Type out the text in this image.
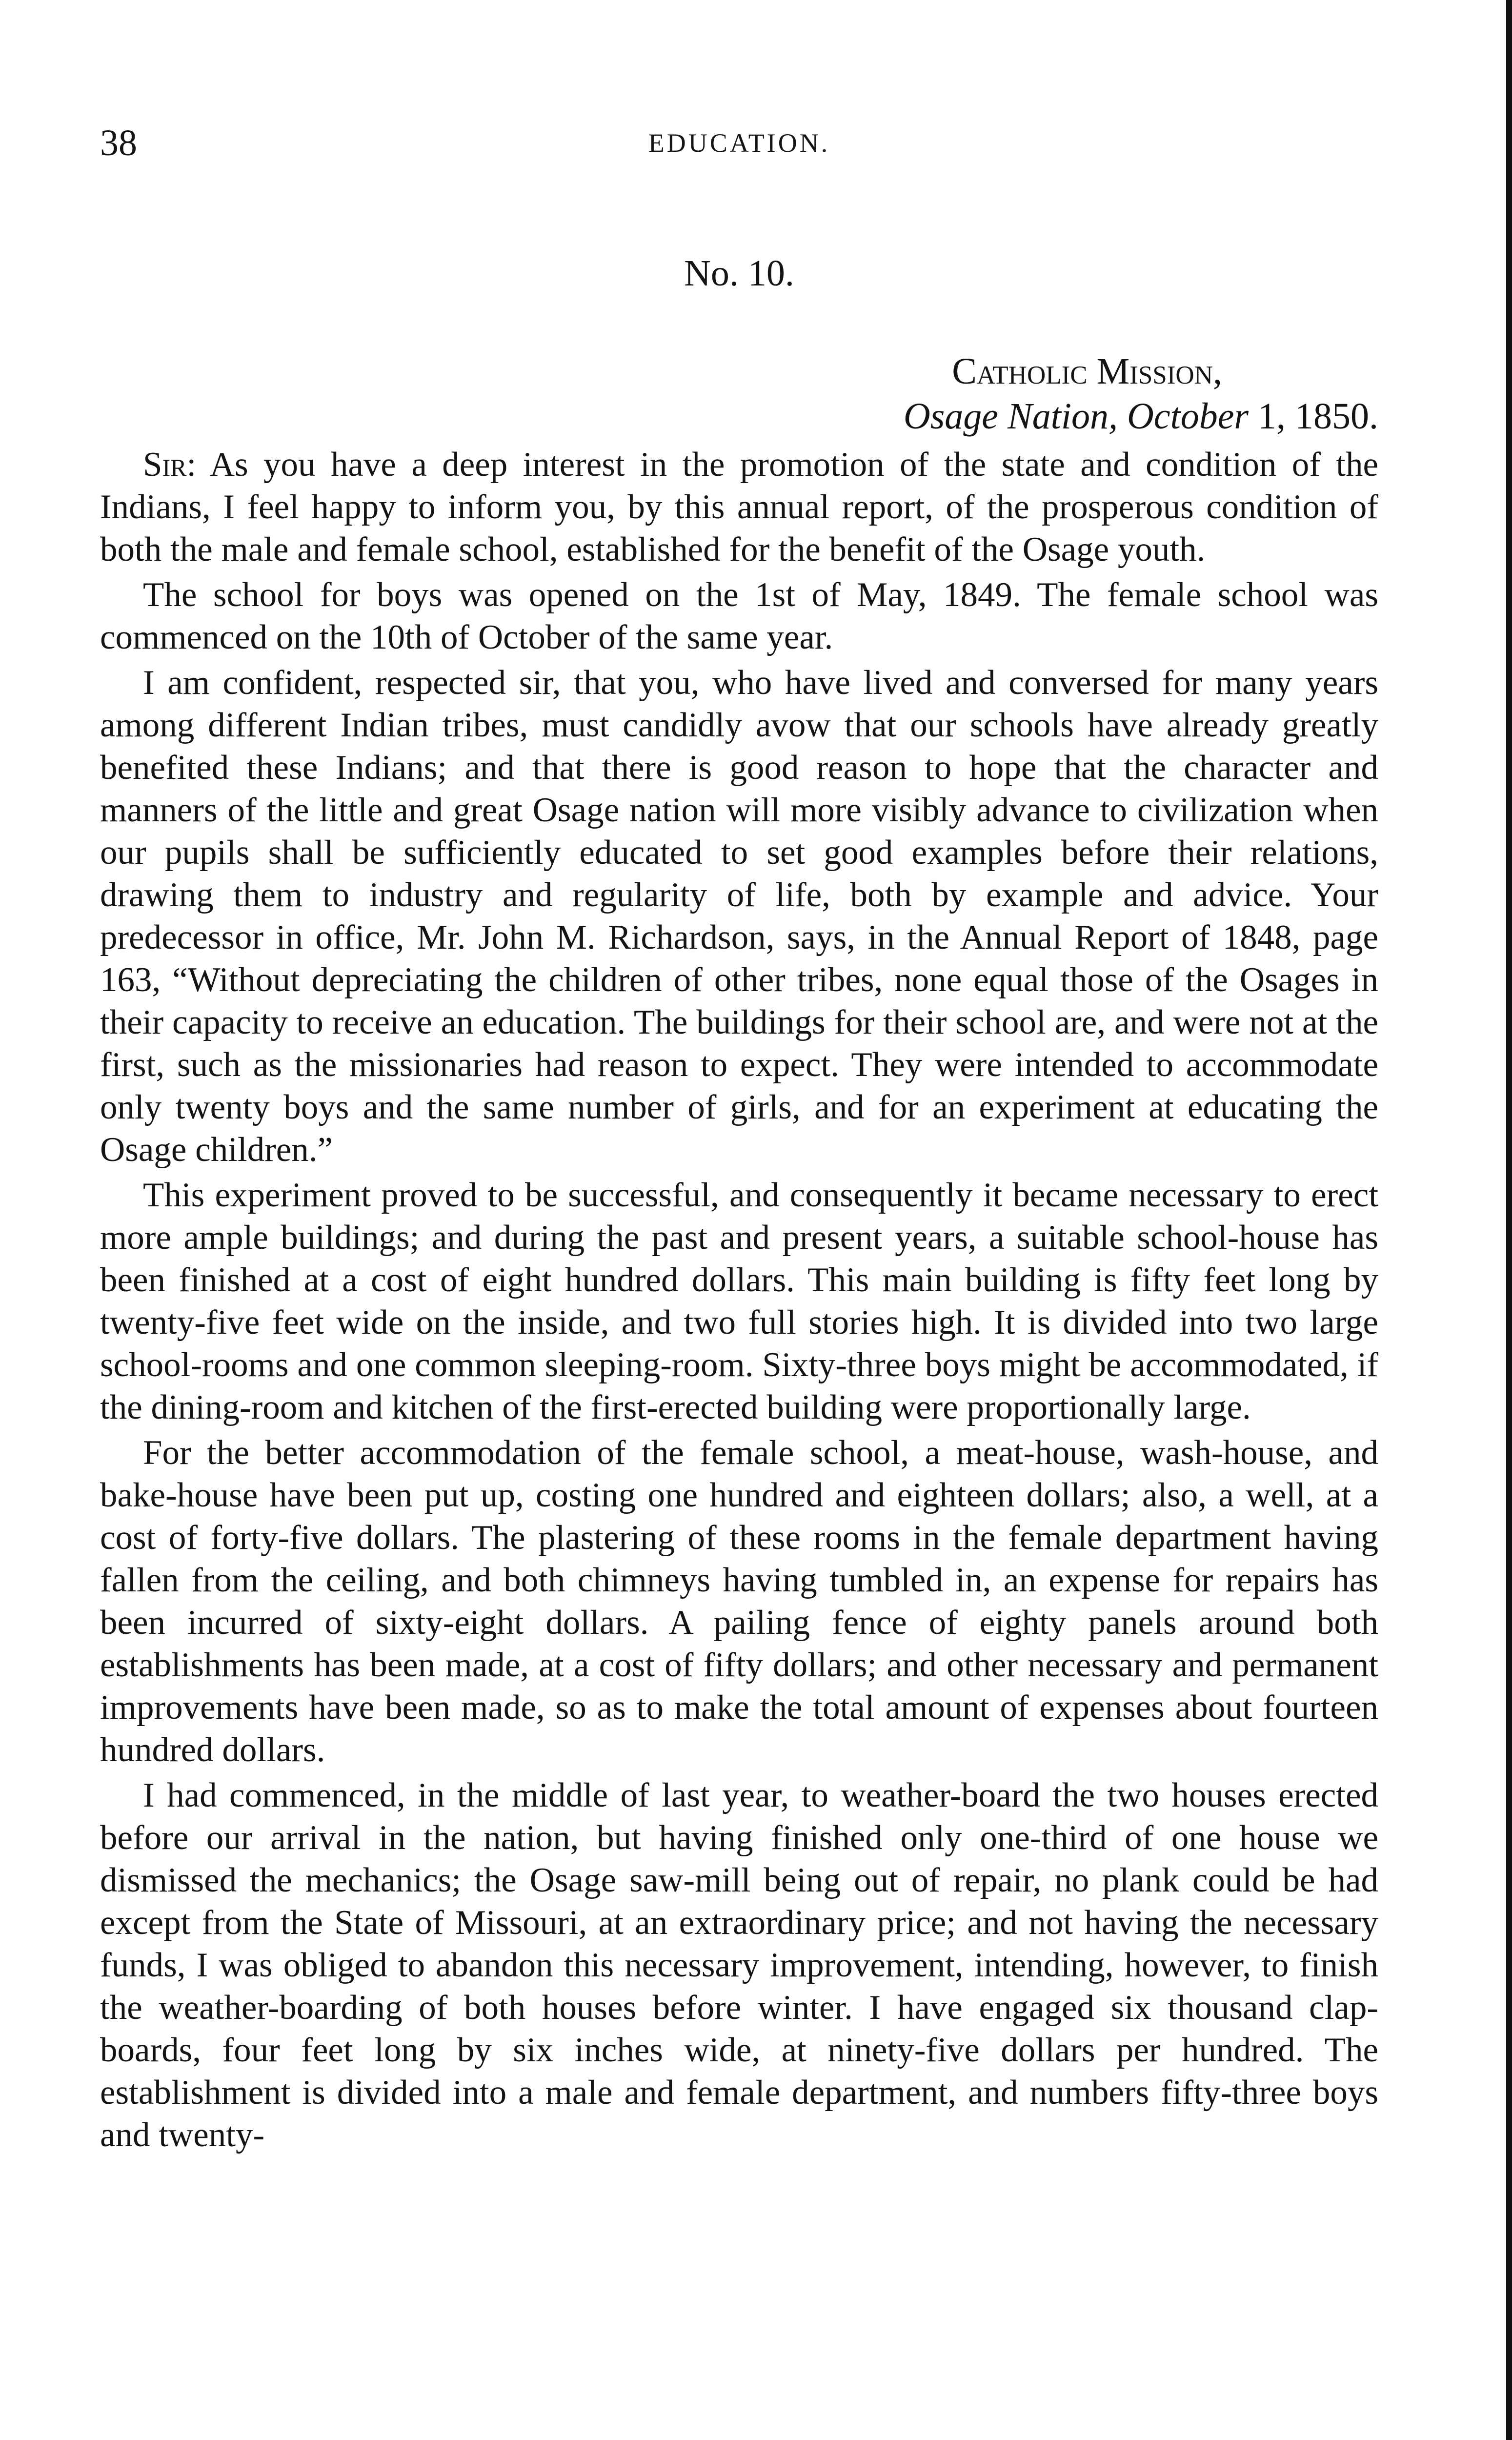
38	EDUCATION.
No. 10.
Catholic Mission,
Osage Nation, October 1, 1850.

Sir: As you have a deep interest in the promotion of the state and condition of the Indians, I feel happy to inform you, by this annual report, of the prosperous condition of both the male and female school, established for the benefit of the Osage youth.

The school for boys was opened on the 1st of May, 1849. The female school was commenced on the 10th of October of the same year.

I am confident, respected sir, that you, who have lived and conversed for many years among different Indian tribes, must candidly avow that our schools have already greatly benefited these Indians; and that there is good reason to hope that the character and manners of the little and great Osage nation will more visibly advance to civilization when our pupils shall be sufficiently educated to set good examples before their relations, drawing them to industry and regularity of life, both by example and advice. Your predecessor in office, Mr. John M. Richardson, says, in the Annual Report of 1848, page 163, “Without depreciating the children of other tribes, none equal those of the Osages in their capacity to receive an education. The buildings for their school are, and were not at the first, such as the missionaries had reason to expect. They were intended to accommodate only twenty boys and the same number of girls, and for an experiment at educating the Osage children.”

This experiment proved to be successful, and consequently it became necessary to erect more ample buildings; and during the past and present years, a suitable school-house has been finished at a cost of eight hundred dollars. This main building is fifty feet long by twenty-five feet wide on the inside, and two full stories high. It is divided into two large school-rooms and one common sleeping-room. Sixty-three boys might be accommodated, if the dining-room and kitchen of the first-erected building were proportionally large.

For the better accommodation of the female school, a meat-house, wash-house, and bake-house have been put up, costing one hundred and eighteen dollars; also, a well, at a cost of forty-five dollars. The plastering of these rooms in the female department having fallen from the ceiling, and both chimneys having tumbled in, an expense for repairs has been incurred of sixty-eight dollars. A pailing fence of eighty panels around both establishments has been made, at a cost of fifty dollars; and other necessary and permanent improvements have been made, so as to make the total amount of expenses about fourteen hundred dollars.

I had commenced, in the middle of last year, to weather-board the two houses erected before our arrival in the nation, but having finished only one-third of one house we dismissed the mechanics; the Osage saw-mill being out of repair, no plank could be had except from the State of Missouri, at an extraordinary price; and not having the necessary funds, I was obliged to abandon this necessary improvement, intending, however, to finish the weather-boarding of both houses before winter. I have engaged six thousand clap-boards, four feet long by six inches wide, at ninety-five dollars per hundred. The establishment is divided into a male and female department, and numbers fifty-three boys and twenty-
